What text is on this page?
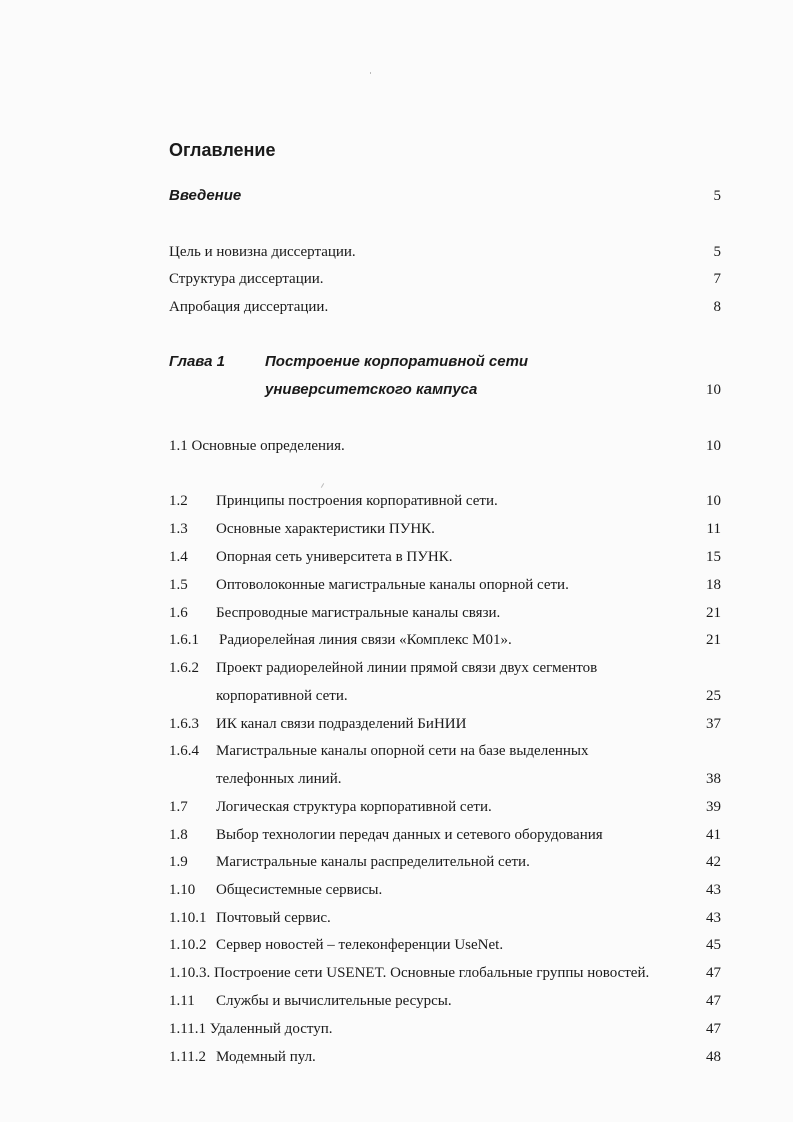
Оглавление
Введение	5
Цель и новизна диссертации.	5
Структура диссертации.	7
Апробация диссертации.	8
Глава 1	Построение корпоративной сети
университетского кампуса	10
1.1 Основные определения.	10
1.2 Принципы построения корпоративной сети.	10
1.3 Основные характеристики ПУНК.	11
1.4 Опорная сеть университета в ПУНК.	15
1.5 Оптоволоконные магистральные каналы опорной сети.	18
1.6 Беспроводные магистральные каналы связи.	21
1.6.1 Радиорелейная линия связи «Комплекс М01».	21
1.6.2 Проект радиорелейной линии прямой связи двух сегментов
корпоративной сети.	25
1.6.3 ИК канал связи подразделений БиНИИ	37
1.6.4 Магистральные каналы опорной сети на базе выделенных
телефонных линий.	38
1.7 Логическая структура корпоративной сети.	39
1.8 Выбор технологии передач данных и сетевого оборудования	41
1.9 Магистральные каналы распределительной сети.	42
1.10 Общесистемные сервисы.	43
1.10.1 Почтовый сервис.	43
1.10.2 Сервер новостей – телеконференции UseNet.	45
1.10.3. Построение сети USENET. Основные глобальные группы новостей.	47
1.11 Службы и вычислительные ресурсы.	47
1.11.1 Удаленный доступ.	47
1.11.2 Модемный пул.	48
